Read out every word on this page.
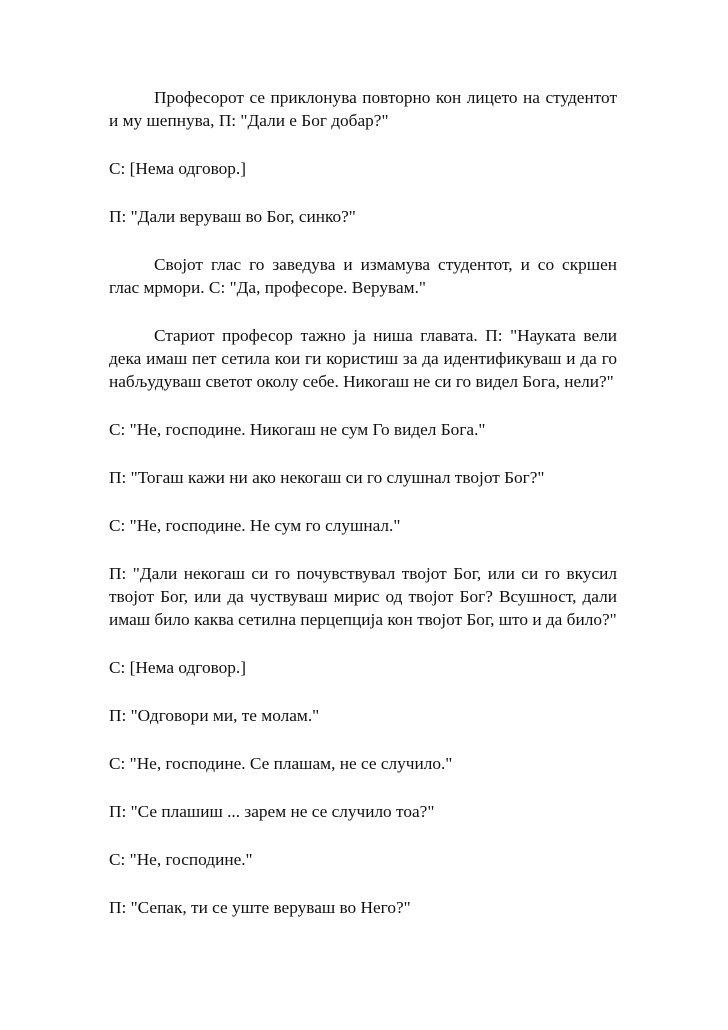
Професорот се приклонува повторно кон лицето на студентот и му шепнува, П: "Дали е Бог добар?"

С: [Нема одговор.]

П: "Дали веруваш во Бог, синко?"

Својот глас го заведува и измамува студентот, и со скршен глас мрмори. С: "Да, професоре. Верувам."

Стариот професор тажно ја ниша главата. П: "Науката вели дека имаш пет сетила кои ги користиш за да идентификуваш и да го набљудуваш светот околу себе. Никогаш не си го видел Бога, нели?"

С: "Не, господине. Никогаш не сум Го видел Бога."

П: "Тогаш кажи ни ако некогаш си го слушнал твојот Бог?"

С: "Не, господине. Не сум го слушнал."

П: "Дали некогаш си го почувствувал твојот Бог, или си го вкусил твојот Бог, или да чуствуваш мирис од твојот Бог? Всушност, дали имаш било каква сетилна перцепција кон твојот Бог, што и да било?"

С: [Нема одговор.]

П: "Одговори ми, те молам."

С: "Не, господине. Се плашам, не се случило."

П: "Се плашиш ... зарем не се случило тоа?"

С: "Не, господине."

П: "Сепак, ти се уште веруваш во Него?"
